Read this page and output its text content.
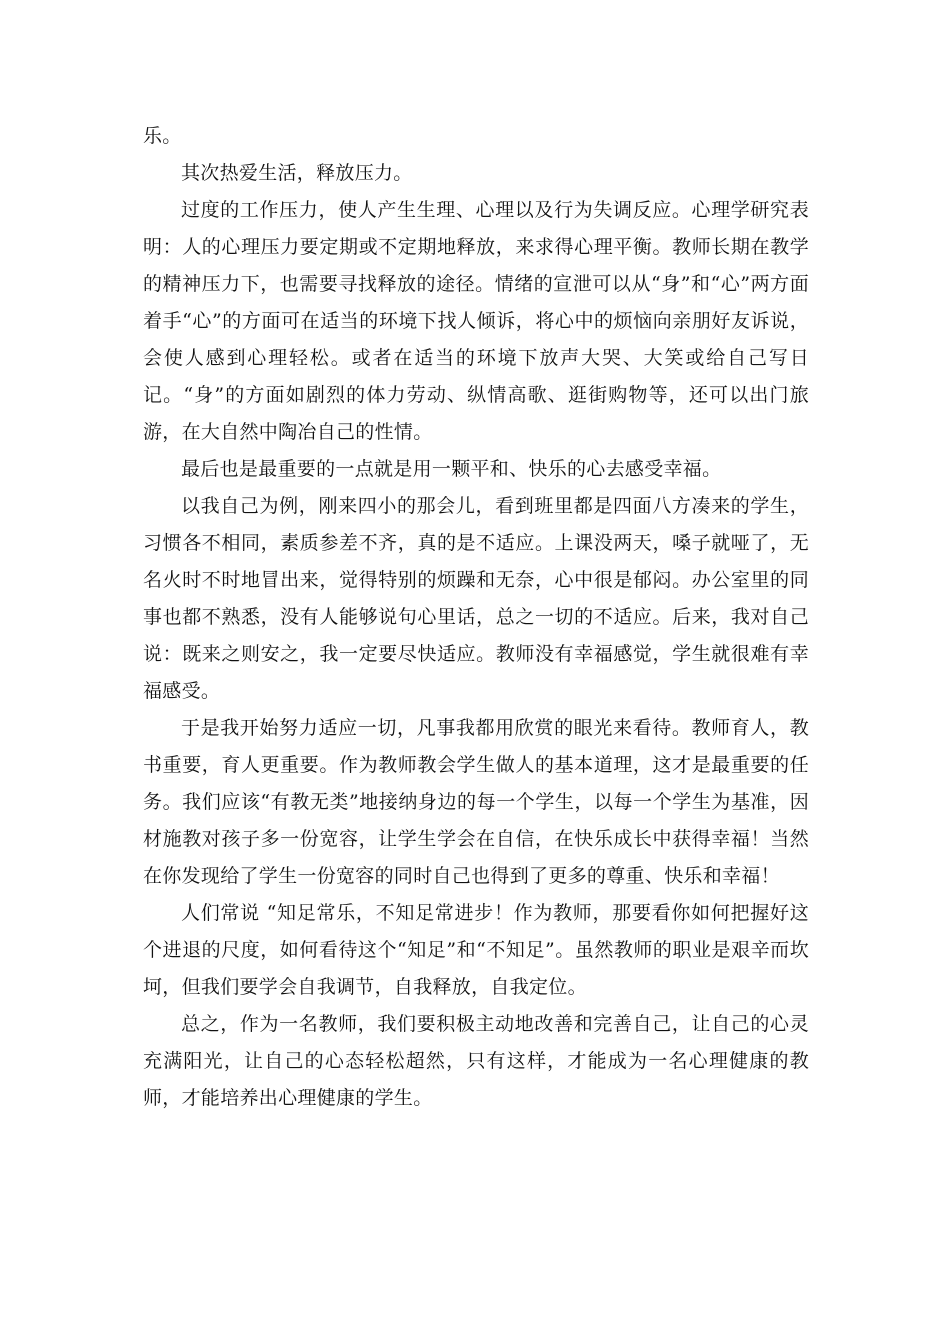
乐。

其次热爱生活，释放压力。

过度的工作压力，使人产生生理、心理以及行为失调反应。心理学研究表明：人的心理压力要定期或不定期地释放，来求得心理平衡。教师长期在教学的精神压力下，也需要寻找释放的途径。情绪的宣泄可以从“身”和“心”两方面着手“心”的方面可在适当的环境下找人倾诉，将心中的烦恼向亲朋好友诉说，会使人感到心理轻松。或者在适当的环境下放声大哭、大笑或给自己写日记。“身”的方面如剧烈的体力劳动、纵情高歌、逛街购物等，还可以出门旅游，在大自然中陶冶自己的性情。

最后也是最重要的一点就是用一颗平和、快乐的心去感受幸福。

以我自己为例，刚来四小的那会儿，看到班里都是四面八方凑来的学生，习惯各不相同，素质参差不齐，真的是不适应。上课没两天，嗓子就哑了，无名火时不时地冒出来，觉得特别的烦躁和无奈，心中很是郁闷。办公室里的同事也都不熟悉，没有人能够说句心里话，总之一切的不适应。后来，我对自己说：既来之则安之，我一定要尽快适应。教师没有幸福感觉，学生就很难有幸福感受。

于是我开始努力适应一切，凡事我都用欣赏的眼光来看待。教师育人，教书重要，育人更重要。作为教师教会学生做人的基本道理，这才是最重要的任务。我们应该“有教无类”地接纳身边的每一个学生，以每一个学生为基准，因材施教对孩子多一份宽容，让学生学会在自信，在快乐成长中获得幸福！当然在你发现给了学生一份宽容的同时自己也得到了更多的尊重、快乐和幸福！

人们常说 “知足常乐，不知足常进步！作为教师，那要看你如何把握好这个进退的尺度，如何看待这个“知足”和“不知足”。虽然教师的职业是艰辛而坎坷，但我们要学会自我调节，自我释放，自我定位。

总之，作为一名教师，我们要积极主动地改善和完善自己，让自己的心灵充满阳光，让自己的心态轻松超然，只有这样，才能成为一名心理健康的教师，才能培养出心理健康的学生。
